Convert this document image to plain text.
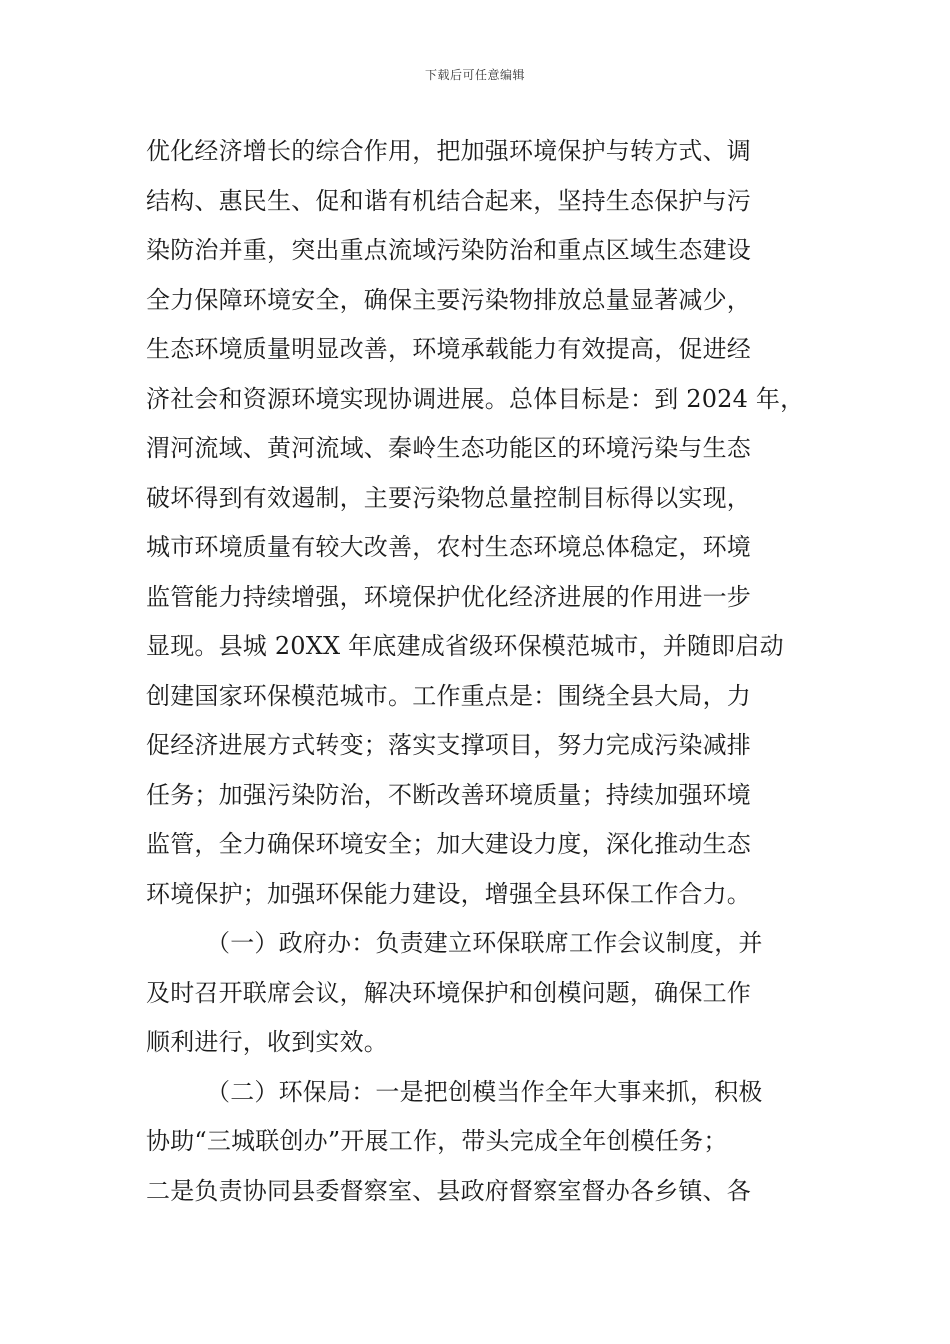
下载后可任意编辑
优化经济增长的综合作用，把加强环境保护与转方式、调
结构、惠民生、促和谐有机结合起来，坚持生态保护与污
染防治并重，突出重点流域污染防治和重点区域生态建设
全力保障环境安全，确保主要污染物排放总量显著减少，
生态环境质量明显改善，环境承载能力有效提高，促进经
济社会和资源环境实现协调进展。总体目标是：到 2024 年，
渭河流域、黄河流域、秦岭生态功能区的环境污染与生态
破坏得到有效遏制，主要污染物总量控制目标得以实现，
城市环境质量有较大改善，农村生态环境总体稳定，环境
监管能力持续增强，环境保护优化经济进展的作用进一步
显现。县城 20XX 年底建成省级环保模范城市，并随即启动
创建国家环保模范城市。工作重点是：围绕全县大局，力
促经济进展方式转变；落实支撑项目，努力完成污染减排
任务；加强污染防治，不断改善环境质量；持续加强环境
监管，全力确保环境安全；加大建设力度，深化推动生态
环境保护；加强环保能力建设，增强全县环保工作合力。
（一）政府办：负责建立环保联席工作会议制度，并
及时召开联席会议，解决环境保护和创模问题，确保工作
顺利进行，收到实效。
（二）环保局：一是把创模当作全年大事来抓，积极
协助“三城联创办”开展工作，带头完成全年创模任务；
二是负责协同县委督察室、县政府督察室督办各乡镇、各
